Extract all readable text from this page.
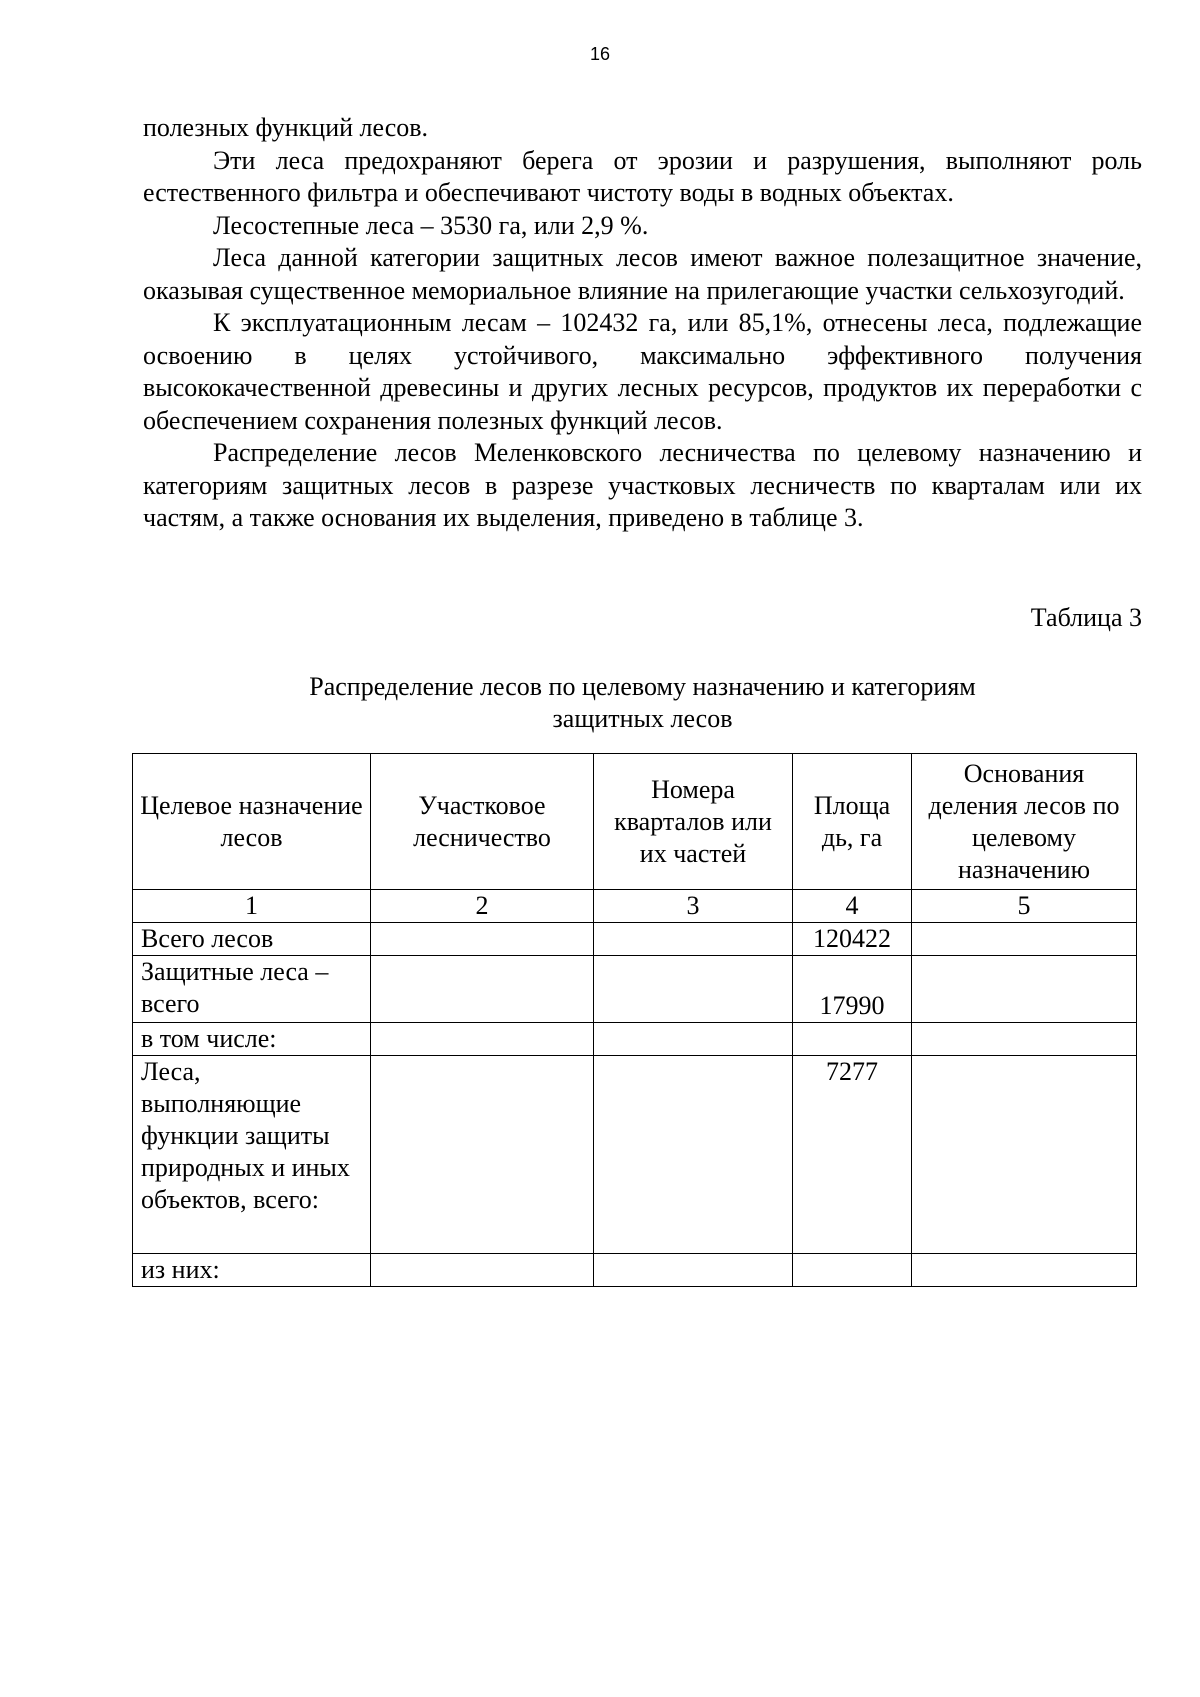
16

полезных функций лесов.

Эти леса предохраняют берега от эрозии и разрушения, выполняют роль естественного фильтра и обеспечивают чистоту воды в водных объектах.

Лесостепные леса – 3530 га, или 2,9 %.

Леса данной категории защитных лесов имеют важное полезащитное значение, оказывая существенное мемориальное влияние на прилегающие участки сельхозугодий.

К эксплуатационным лесам – 102432 га, или 85,1%, отнесены леса, подлежащие освоению в целях устойчивого, максимально эффективного получения высококачественной древесины и других лесных ресурсов, продуктов их переработки с обеспечением сохранения полезных функций лесов.

Распределение лесов Меленковского лесничества по целевому назначению и категориям защитных лесов в разрезе участковых лесничеств по кварталам или их частям, а также основания их выделения, приведено в таблице 3.

Таблица 3
Распределение лесов по целевому назначению и категориям
защитных лесов
Целевое назначение лесов	Участковое лесничество	Номера кварталов или их частей	Площа дь, га	Основания деления лесов по целевому назначению
1	2	3	4	5
Всего лесов			120422	
Защитные леса – всего			17990	
в том числе:				
Леса, выполняющие функции защиты природных и иных объектов, всего:			7277	
из них:				
